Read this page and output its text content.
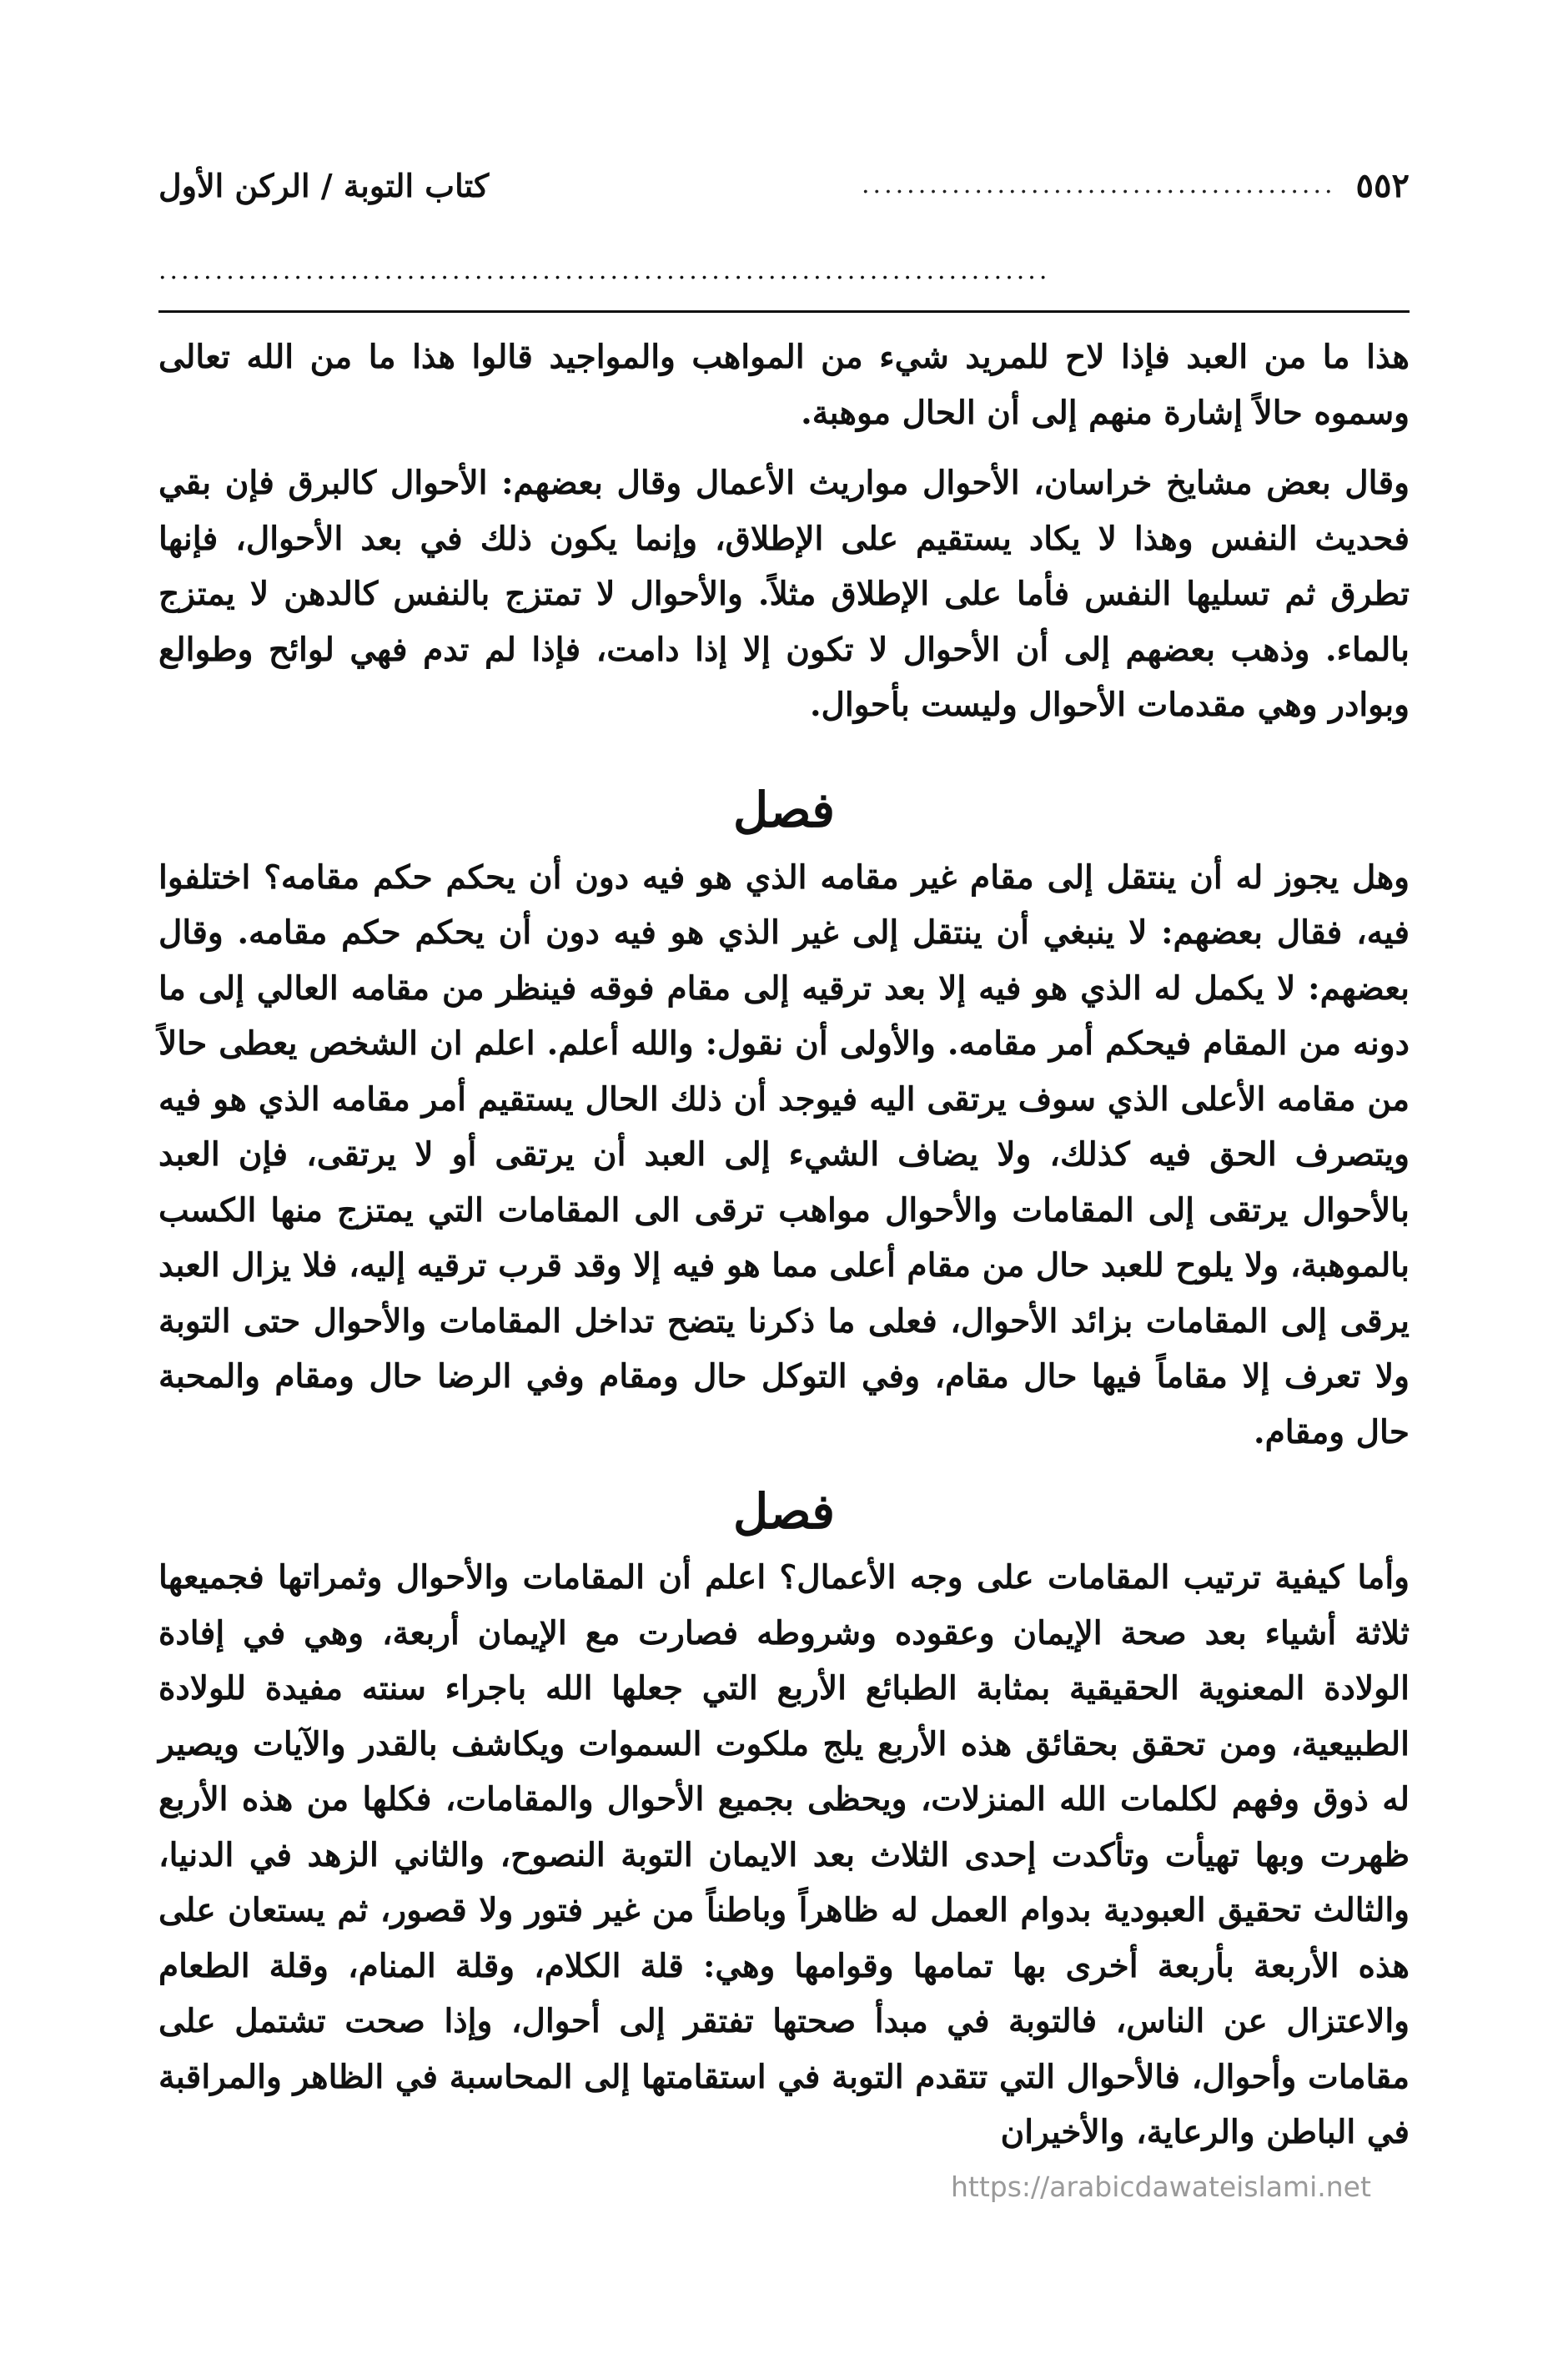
٥٥٢
..........................................
كتاب التوبة / الركن الأول
...............................................................................

هذا ما من العبد فإذا لاح للمريد شيء من المواهب والمواجيد قالوا هذا ما من الله تعالى وسموه حالاً إشارة منهم إلى أن الحال موهبة.

وقال بعض مشايخ خراسان، الأحوال مواريث الأعمال وقال بعضهم: الأحوال كالبرق فإن بقي فحديث النفس وهذا لا يكاد يستقيم على الإطلاق، وإنما يكون ذلك في بعد الأحوال، فإنها تطرق ثم تسليها النفس فأما على الإطلاق مثلاً. والأحوال لا تمتزج بالنفس كالدهن لا يمتزج بالماء. وذهب بعضهم إلى أن الأحوال لا تكون إلا إذا دامت، فإذا لم تدم فهي لوائح وطوالع وبوادر وهي مقدمات الأحوال وليست بأحوال.

فصل

وهل يجوز له أن ينتقل إلى مقام غير مقامه الذي هو فيه دون أن يحكم حكم مقامه؟ اختلفوا فيه، فقال بعضهم: لا ينبغي أن ينتقل إلى غير الذي هو فيه دون أن يحكم حكم مقامه. وقال بعضهم: لا يكمل له الذي هو فيه إلا بعد ترقيه إلى مقام فوقه فينظر من مقامه العالي إلى ما دونه من المقام فيحكم أمر مقامه. والأولى أن نقول: والله أعلم. اعلم ان الشخص يعطى حالاً من مقامه الأعلى الذي سوف يرتقى اليه فيوجد أن ذلك الحال يستقيم أمر مقامه الذي هو فيه ويتصرف الحق فيه كذلك، ولا يضاف الشيء إلى العبد أن يرتقى أو لا يرتقى، فإن العبد بالأحوال يرتقى إلى المقامات والأحوال مواهب ترقى الى المقامات التي يمتزج منها الكسب بالموهبة، ولا يلوح للعبد حال من مقام أعلى مما هو فيه إلا وقد قرب ترقيه إليه، فلا يزال العبد يرقى إلى المقامات بزائد الأحوال، فعلى ما ذكرنا يتضح تداخل المقامات والأحوال حتى التوبة ولا تعرف إلا مقاماً فيها حال مقام، وفي التوكل حال ومقام وفي الرضا حال ومقام والمحبة حال ومقام.

فصل

وأما كيفية ترتيب المقامات على وجه الأعمال؟ اعلم أن المقامات والأحوال وثمراتها فجميعها ثلاثة أشياء بعد صحة الإيمان وعقوده وشروطه فصارت مع الإيمان أربعة، وهي في إفادة الولادة المعنوية الحقيقية بمثابة الطبائع الأربع التي جعلها الله باجراء سنته مفيدة للولادة الطبيعية، ومن تحقق بحقائق هذه الأربع يلج ملكوت السموات ويكاشف بالقدر والآيات ويصير له ذوق وفهم لكلمات الله المنزلات، ويحظى بجميع الأحوال والمقامات، فكلها من هذه الأربع ظهرت وبها تهيأت وتأكدت إحدى الثلاث بعد الايمان التوبة النصوح، والثاني الزهد في الدنيا، والثالث تحقيق العبودية بدوام العمل له ظاهراً وباطناً من غير فتور ولا قصور، ثم يستعان على هذه الأربعة بأربعة أخرى بها تمامها وقوامها وهي: قلة الكلام، وقلة المنام، وقلة الطعام والاعتزال عن الناس، فالتوبة في مبدأ صحتها تفتقر إلى أحوال، وإذا صحت تشتمل على مقامات وأحوال، فالأحوال التي تتقدم التوبة في استقامتها إلى المحاسبة في الظاهر والمراقبة في الباطن والرعاية، والأخيران

https://arabicdawateislami.net
